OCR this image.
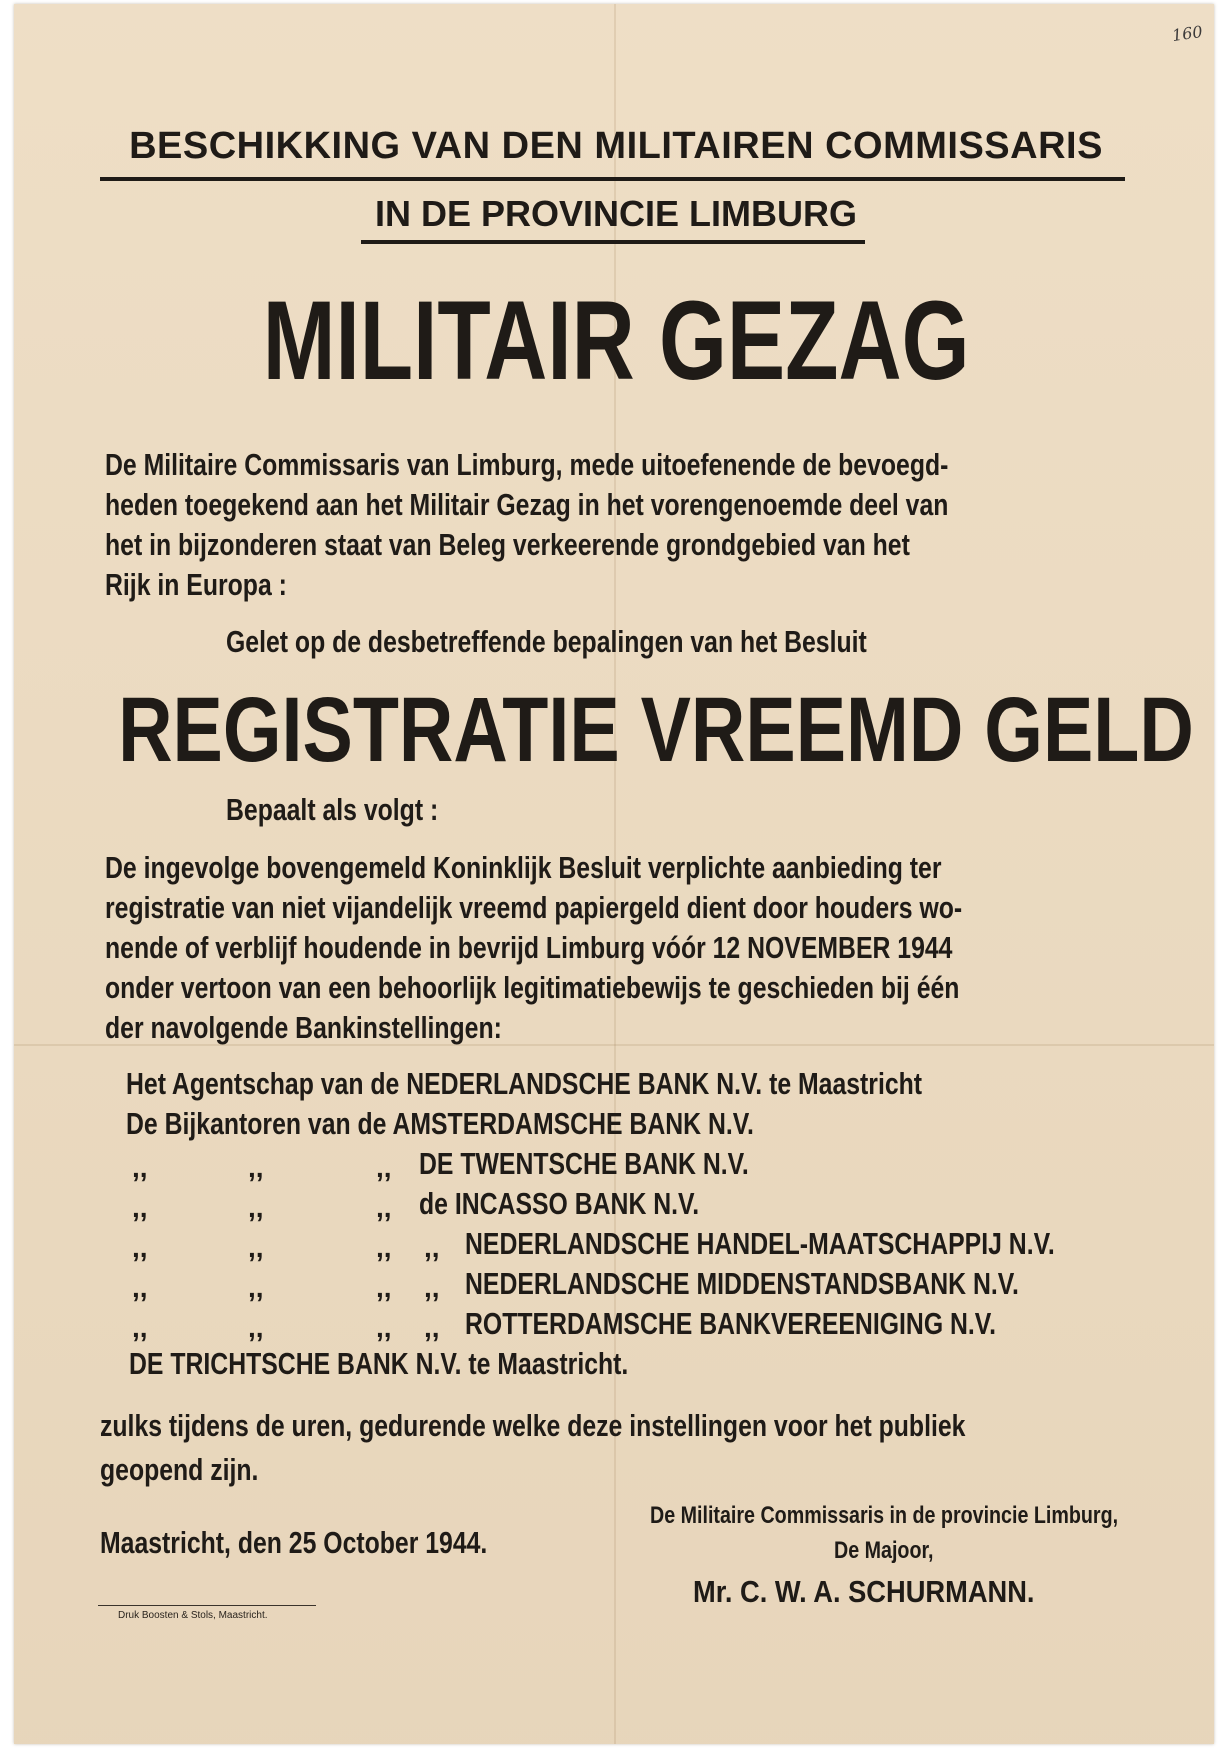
160
BESCHIKKING VAN DEN MILITAIREN COMMISSARIS
IN DE PROVINCIE LIMBURG
MILITAIR GEZAG
De Militaire Commissaris van Limburg, mede uitoefenende de bevoegd-
heden toegekend aan het Militair Gezag in het vorengenoemde deel van
het in bijzonderen staat van Beleg verkeerende grondgebied van het
Rijk in Europa :
Gelet op de desbetreffende bepalingen van het Besluit
REGISTRATIE VREEMD GELD
Bepaalt als volgt :
De ingevolge bovengemeld Koninklijk Besluit verplichte aanbieding ter
registratie van niet vijandelijk vreemd papiergeld dient door houders wo-
nende of verblijf houdende in bevrijd Limburg vóór 12 NOVEMBER 1944
onder vertoon van een behoorlijk legitimatiebewijs te geschieden bij één
der navolgende Bankinstellingen:
Het Agentschap van de NEDERLANDSCHE BANK N.V. te Maastricht
De Bijkantoren van de AMSTERDAMSCHE BANK N.V.
,,	,,	,, DE TWENTSCHE BANK N.V.
,,	,,	,, de INCASSO BANK N.V.
,,	,,	,, ,, NEDERLANDSCHE HANDEL-MAATSCHAPPIJ N.V.
,,	,,	,, ,, NEDERLANDSCHE MIDDENSTANDSBANK N.V.
,,	,,	,, ,, ROTTERDAMSCHE BANKVEREENIGING N.V.
DE TRICHTSCHE BANK N.V. te Maastricht.
zulks tijdens de uren, gedurende welke deze instellingen voor het publiek
geopend zijn.
Maastricht, den 25 October 1944.
De Militaire Commissaris in de provincie Limburg,
De Majoor,
Mr. C. W. A. SCHURMANN.
Druk Boosten & Stols, Maastricht.
